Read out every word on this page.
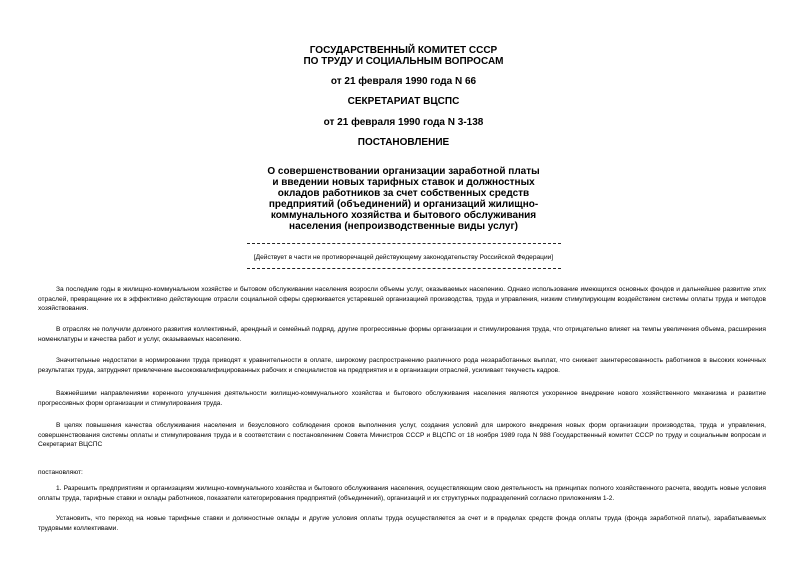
ГОСУДАРСТВЕННЫЙ КОМИТЕТ СССР
ПО ТРУДУ И СОЦИАЛЬНЫМ ВОПРОСАМ
от 21 февраля 1990 года N 66
СЕКРЕТАРИАТ ВЦСПС
от 21 февраля 1990 года N 3-138
ПОСТАНОВЛЕНИЕ
О совершенствовании организации заработной платы
и введении новых тарифных ставок и должностных
окладов работников за счет собственных средств
предприятий (объединений) и организаций жилищно-
коммунального хозяйства и бытового обслуживания
населения (непроизводственные виды услуг)
[Действует в части не противоречащей действующему законодательству Российской Федерации]

За последние годы в жилищно-коммунальном хозяйстве и бытовом обслуживании населения возросли объемы услуг, оказываемых населению. Однако использование имеющихся основных фондов и дальнейшее развитие этих отраслей, превращение их в эффективно действующие отрасли социальной сферы сдерживается устаревшей организацией производства, труда и управления, низким стимулирующим воздействием системы оплаты труда и методов хозяйствования.

В отраслях не получили должного развития коллективный, арендный и семейный подряд, другие прогрессивные формы организации и стимулирования труда, что отрицательно влияет на темпы увеличения объема, расширения номенклатуры и качества работ и услуг, оказываемых населению.

Значительные недостатки в нормировании труда приводят к уравнительности в оплате, широкому распространению различного рода незаработанных выплат, что снижает заинтересованность работников в высоких конечных результатах труда, затрудняет привлечение высококвалифицированных рабочих и специалистов на предприятия и в организации отраслей, усиливает текучесть кадров.

Важнейшими направлениями коренного улучшения деятельности жилищно-коммунального хозяйства и бытового обслуживания населения являются ускоренное внедрение нового хозяйственного механизма и развитие прогрессивных форм организации и стимулирования труда.

В целях повышения качества обслуживания населения и безусловного соблюдения сроков выполнения услуг, создания условий для широкого внедрения новых форм организации производства, труда и управления, совершенствования системы оплаты и стимулирования труда и в соответствии с постановлением Совета Министров СССР и ВЦСПС от 18 ноября 1989 года N 988 Государственный комитет СССР по труду и социальным вопросам и Секретариат ВЦСПС

постановляют:

1. Разрешить предприятиям и организациям жилищно-коммунального хозяйства и бытового обслуживания населения, осуществляющим свою деятельность на принципах полного хозяйственного расчета, вводить новые условия оплаты труда, тарифные ставки и оклады работников, показатели категорирования предприятий (объединений), организаций и их структурных подразделений согласно приложениям 1-2.

Установить, что переход на новые тарифные ставки и должностные оклады и другие условия оплаты труда осуществляется за счет и в пределах средств фонда оплаты труда (фонда заработной платы), зарабатываемых трудовыми коллективами.
